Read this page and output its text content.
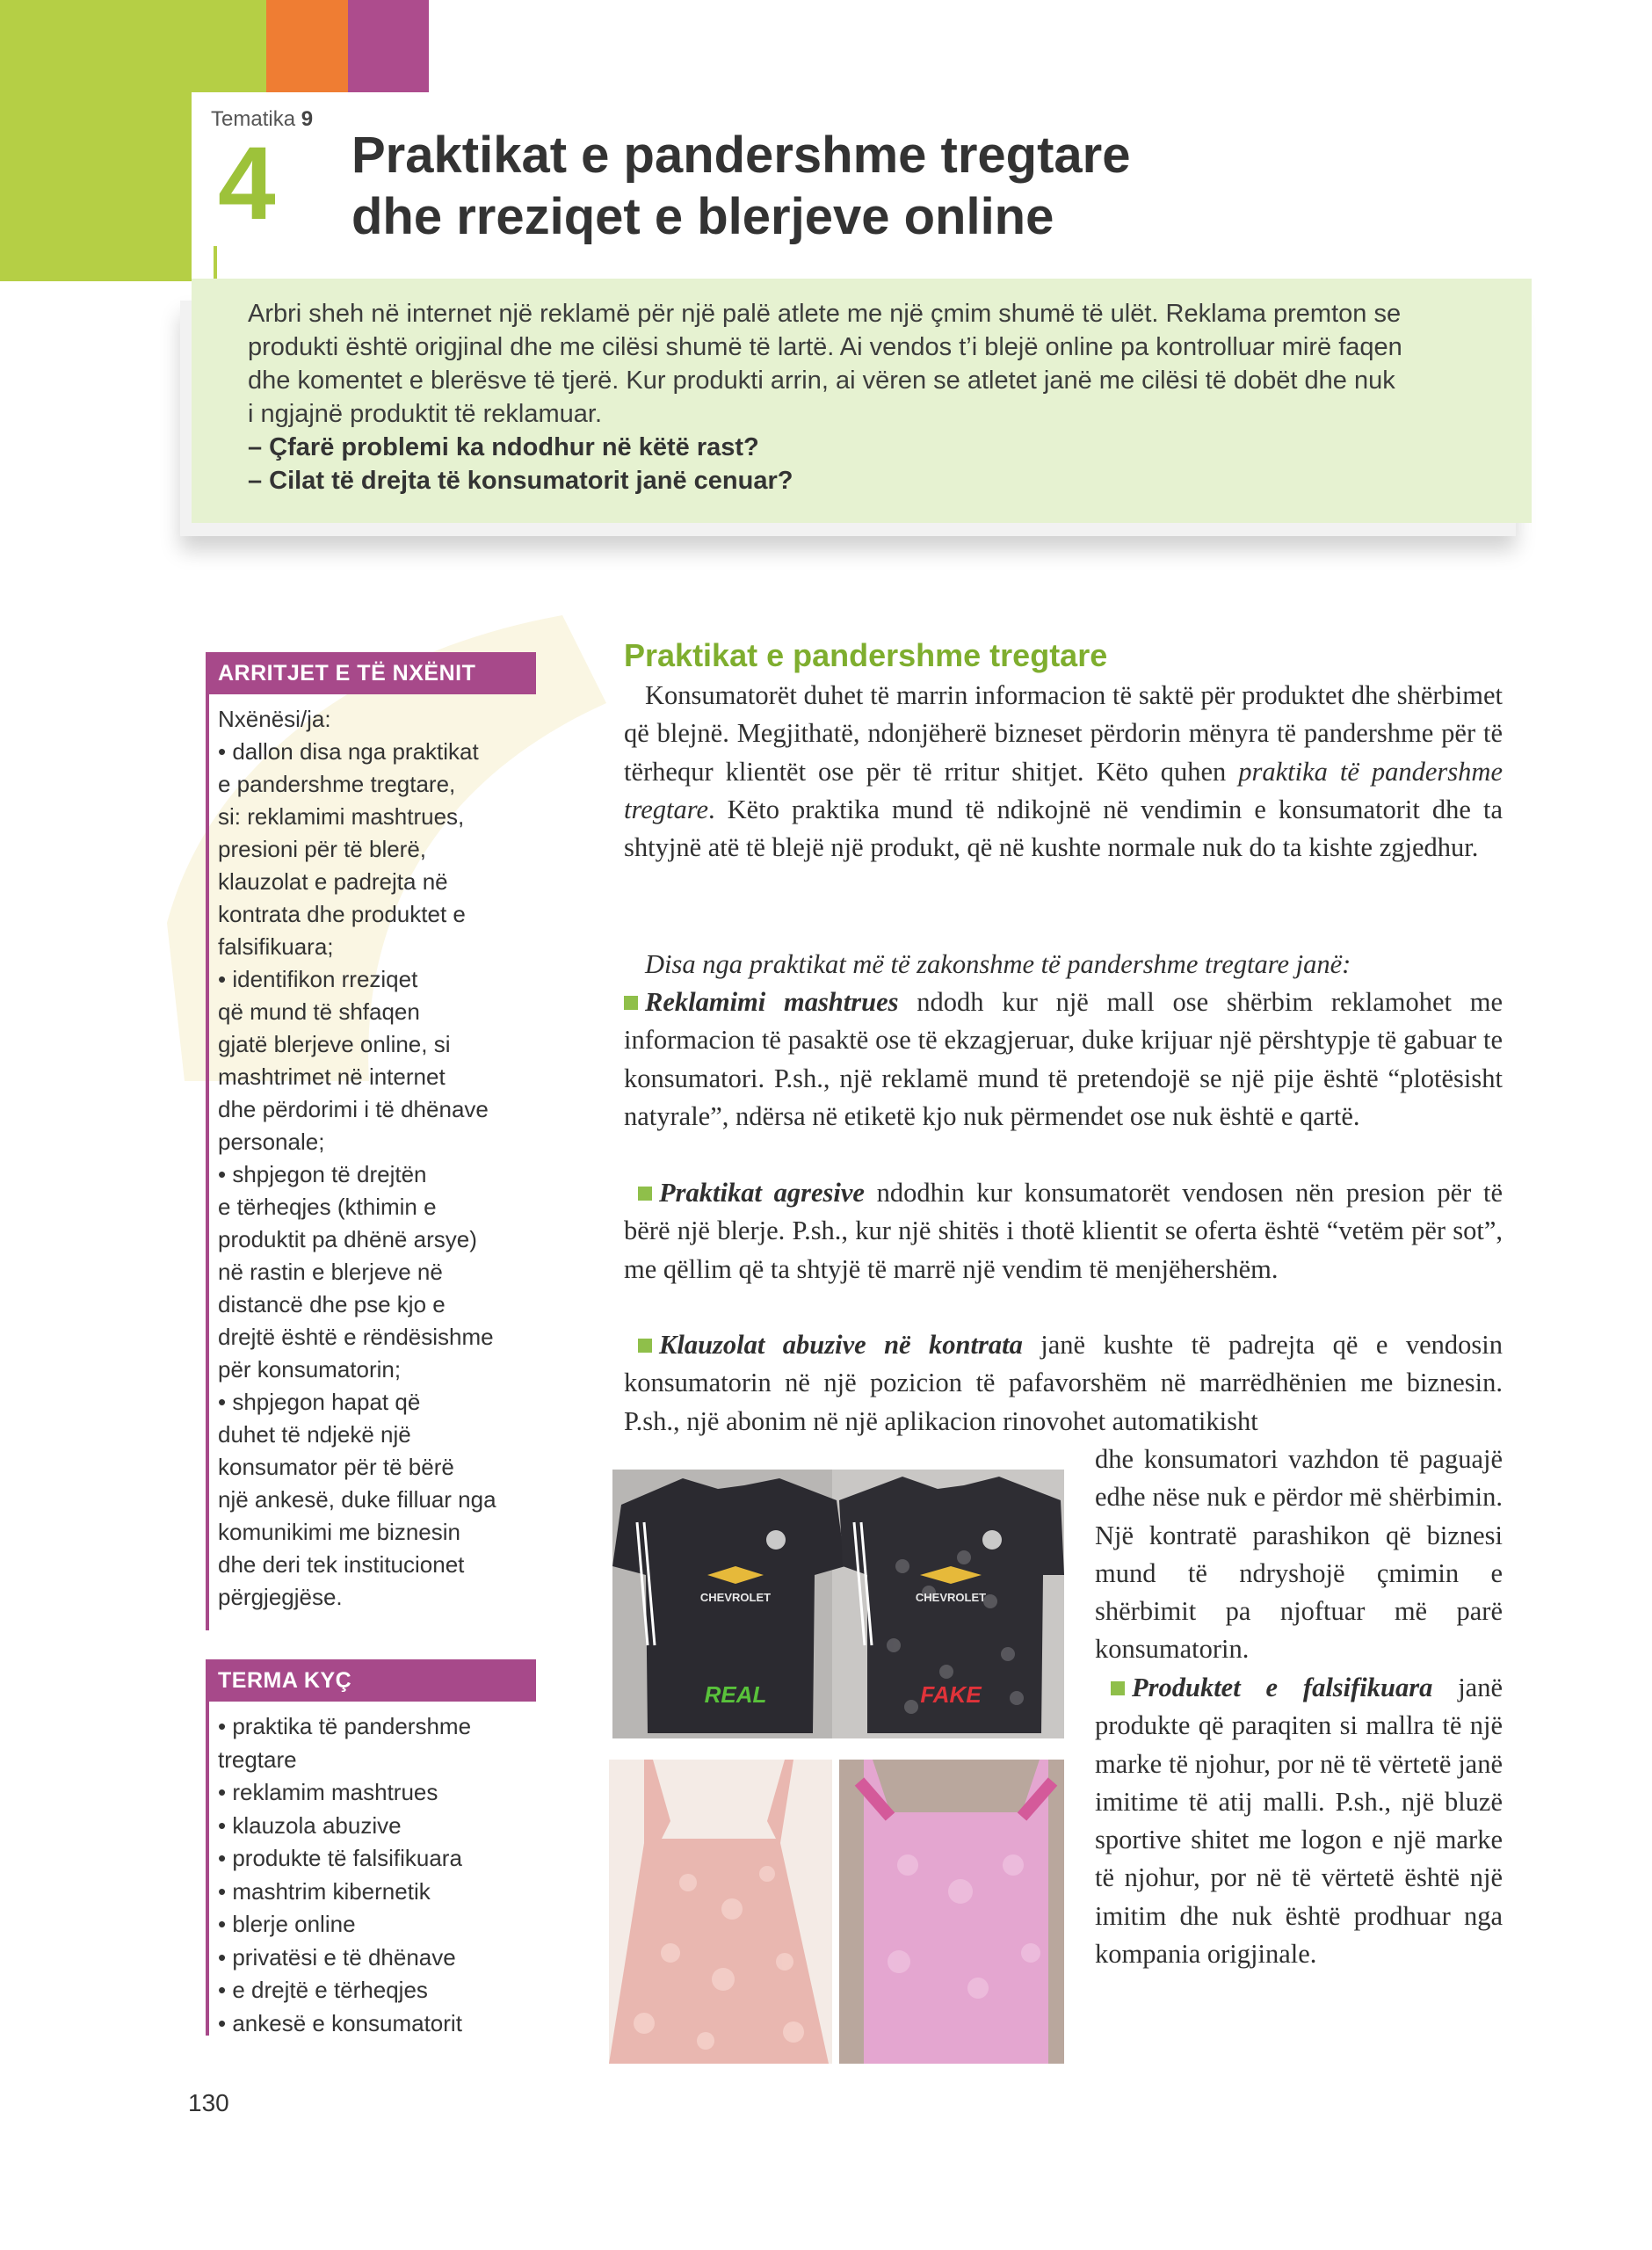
Tematika 9
4 Praktikat e pandershme tregtare
dhe rreziqet e blerjeve online
Arbri sheh në internet një reklamë për një palë atlete me një çmim shumë të ulët. Reklama premton se
produkti është origjinal dhe me cilësi shumë të lartë. Ai vendos t’i blejë online pa kontrolluar mirë faqen
dhe komentet e blerësve të tjerë. Kur produkti arrin, ai vëren se atletet janë me cilësi të dobët dhe nuk
i ngjajnë produktit të reklamuar.
– Çfarë problemi ka ndodhur në këtë rast?
– Cilat të drejta të konsumatorit janë cenuar?
ARRITJET E TË NXËNIT
Nxënësi/ja:
• dallon disa nga praktikat
e pandershme tregtare,
si: reklamimi mashtrues,
presioni për të blerë,
klauzolat e padrejta në
kontrata dhe produktet e
falsifikuara;
• identifikon rreziqet
që mund të shfaqen
gjatë blerjeve online, si
mashtrimet në internet
dhe përdorimi i të dhënave
personale;
• shpjegon të drejtën
e tërheqjes (kthimin e
produktit pa dhënë arsye)
në rastin e blerjeve në
distancë dhe pse kjo e
drejtë është e rëndësishme
për konsumatorin;
• shpjegon hapat që
duhet të ndjekë një
konsumator për të bërë
një ankesë, duke filluar nga
komunikimi me biznesin
dhe deri tek institucionet
përgjegjëse.
TERMA KYÇ
• praktika të pandershme
tregtare
• reklamim mashtrues
• klauzola abuzive
• produkte të falsifikuara
• mashtrim kibernetik
• blerje online
• privatësi e të dhënave
• e drejtë e tërheqjes
• ankesë e konsumatorit
Praktikat e pandershme tregtare
Konsumatorët duhet të marrin informacion të saktë për produktet dhe shërbimet që blejnë. Megjithatë, ndonjëherë bizneset përdorin mënyra të pandershme për të tërhequr klientët ose për të rritur shitjet. Këto quhen praktika të pandershme tregtare. Këto praktika mund të ndikojnë në vendimin e konsumatorit dhe ta shtyjnë atë të blejë një produkt, që në kushte normale nuk do ta kishte zgjedhur.
Disa nga praktikat më të zakonshme të pandershme tregtare janë:
Reklamimi mashtrues ndodh kur një mall ose shërbim reklamohet me informacion të pasaktë ose të ekzagjeruar, duke krijuar një përshtypje të gabuar te konsumatori. P.sh., një reklamë mund të pretendojë se një pije është “plotësisht natyrale”, ndërsa në etiketë kjo nuk përmendet ose nuk është e qartë.
Praktikat agresive ndodhin kur konsumatorët vendosen nën presion për të bërë një blerje. P.sh., kur një shitës i thotë klientit se oferta është “vetëm për sot”, me qëllim që ta shtyjë të marrë një vendim të menjëhershëm.
Klauzolat abuzive në kontrata janë kushte të padrejta që e vendosin konsumatorin në një pozicion të pafavorshëm në marrëdhënien me biznesin. P.sh., një abonim në një aplikacion rinovohet automatikisht
dhe konsumatori vazhdon të paguajë edhe nëse nuk e përdor më shërbimin. Një kontratë parashikon që biznesi mund të ndryshojë çmimin e shërbimit pa njoftuar më parë konsumatorin.
Produktet e falsifikuara janë produkte që paraqiten si mallra të një marke të njohur, por në të vërtetë janë imitime të atij malli. P.sh., një bluzë sportive shitet me logon e një marke të njohur, por në të vërtetë është një imitim dhe nuk është prodhuar nga kompania origjinale.
CHEVROLET	CHEVROLET
REAL	FAKE
130
